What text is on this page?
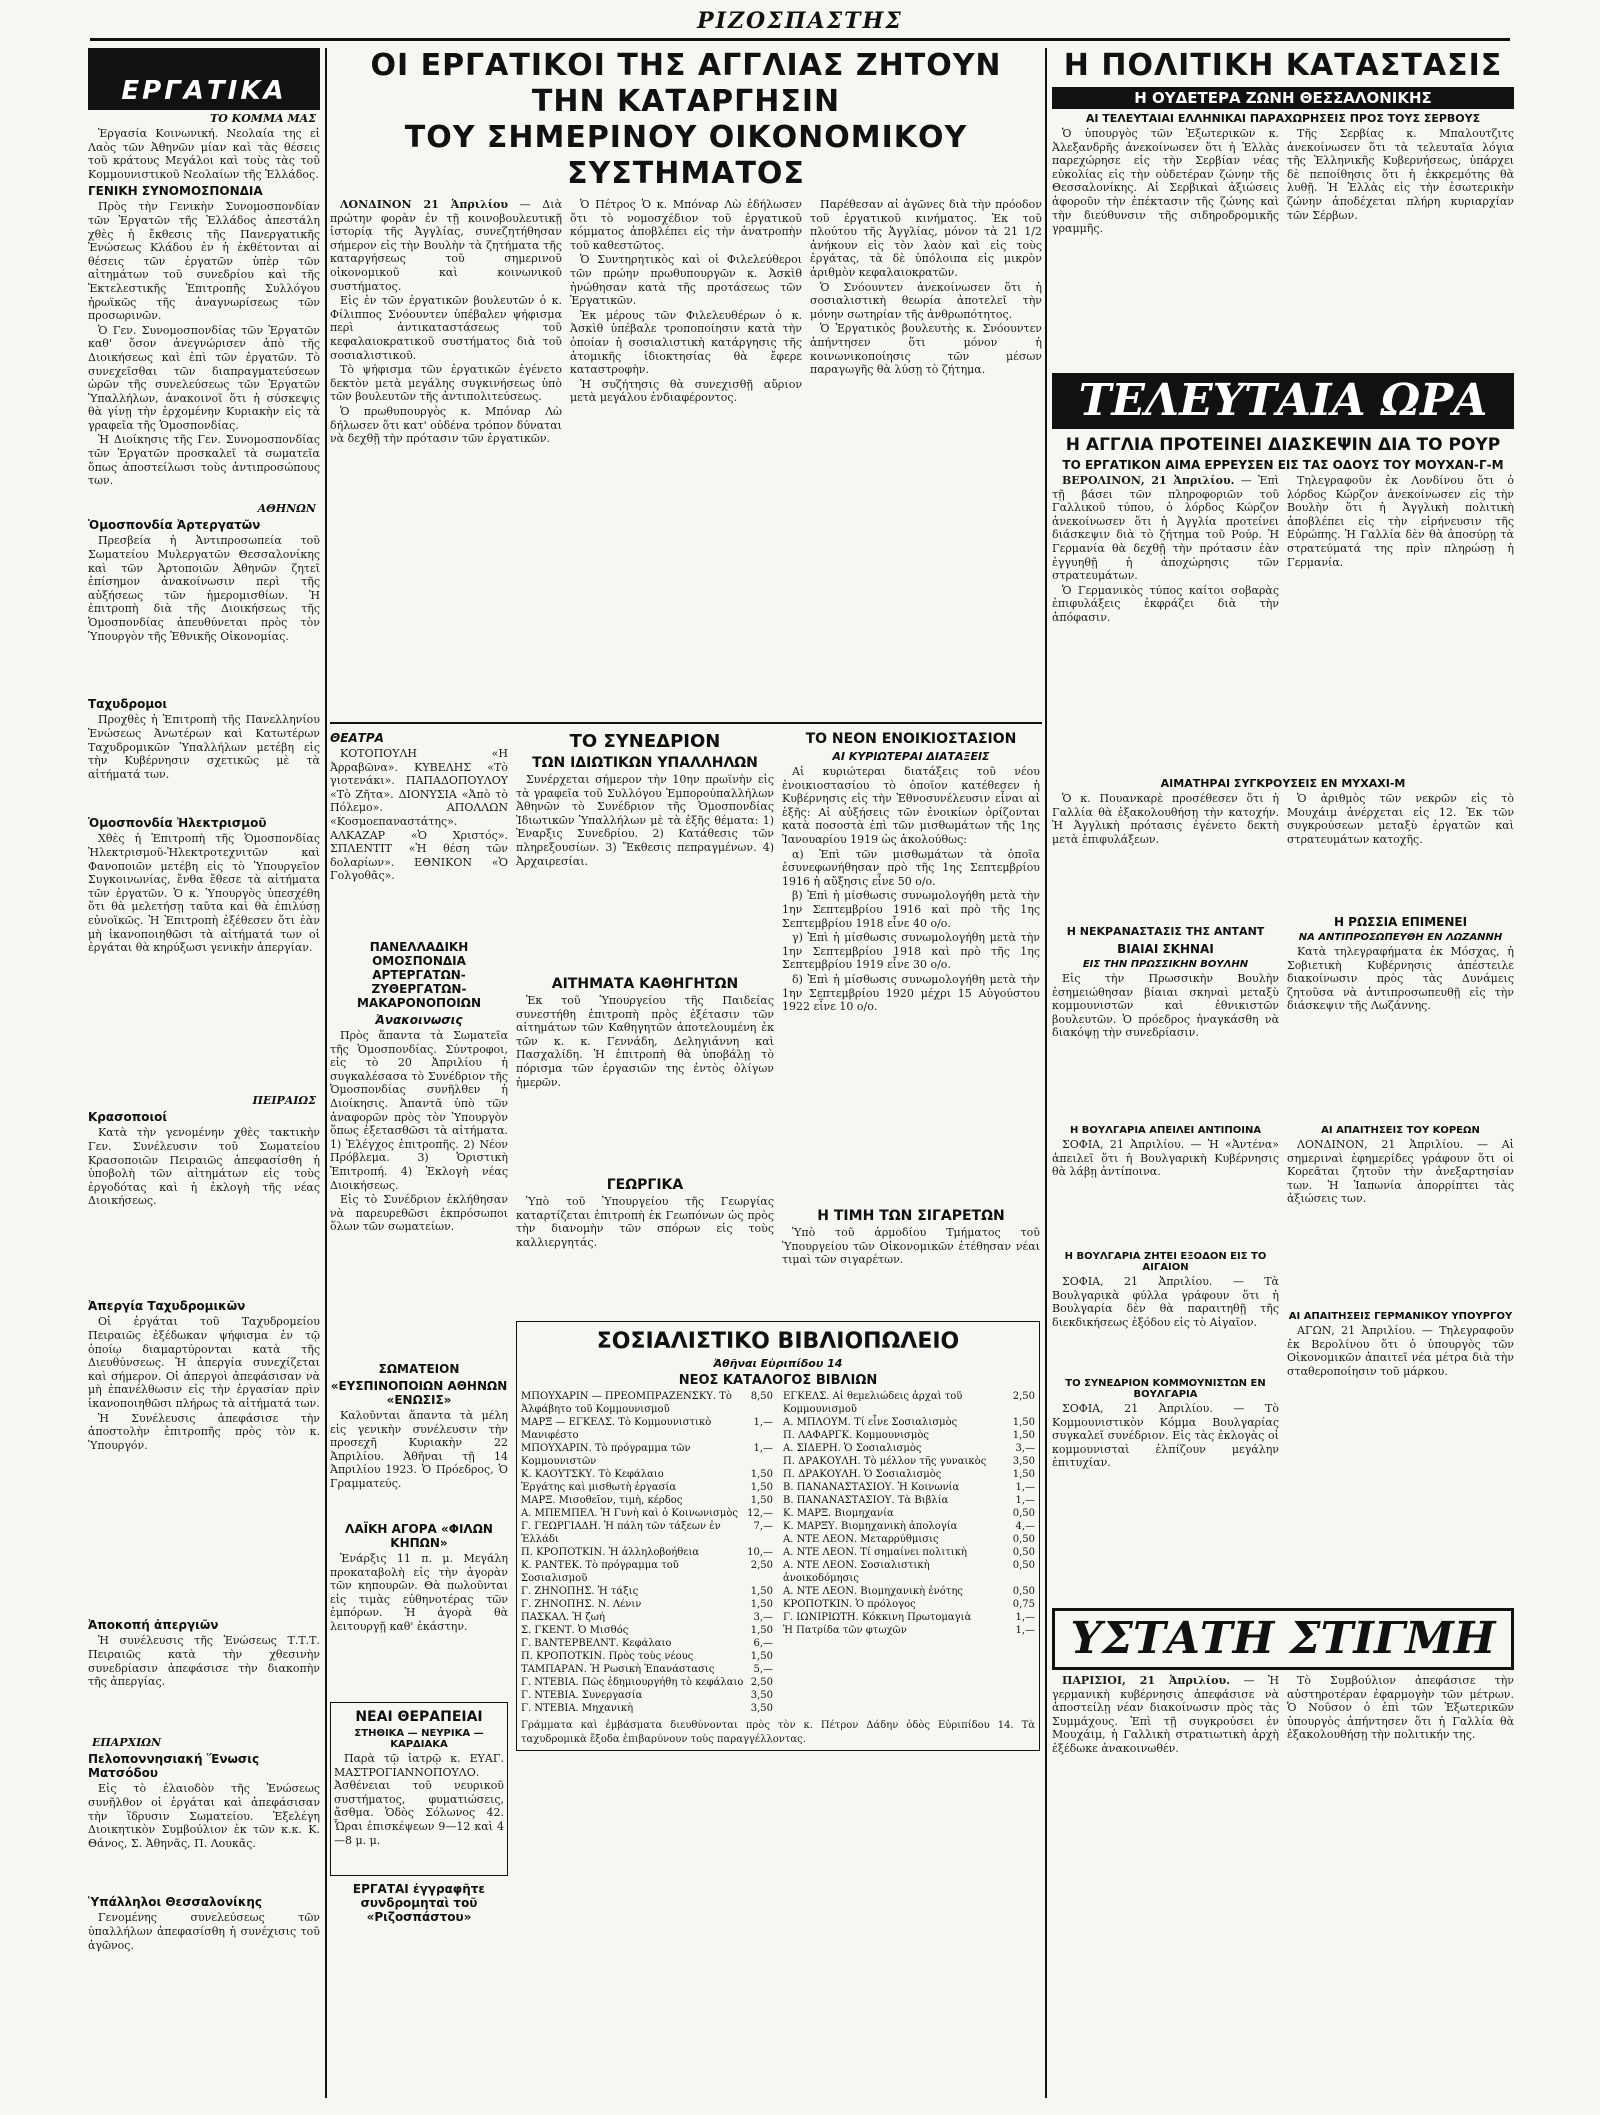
ΡΙΖΟΣΠΑΣΤΗΣ
ΕΡΓΑΤΙΚΑ
ΤΟ ΚΟΜΜΑ ΜΑΣ

Ἐργασία Κοινωνική. Νεολαία της εἰ Λαὸς τῶν Ἀθηνῶν μίαν καὶ τὰς θέσεις τοῦ κράτους Μεγάλοι καὶ τοὺς τὰς τοῦ Κομμουνιστικοῦ Νεολαίων τῆς Ἑλλάδος.

ΓΕΝΙΚΗ ΣΥΝΟΜΟΣΠΟΝΔΙΑ

Πρὸς τὴν Γενικὴν Συνομοσπονδίαν τῶν Ἐργατῶν τῆς Ἑλλάδος ἀπεστάλη χθὲς ἡ ἔκθεσις τῆς Πανεργατικῆς Ἐνώσεως Κλάδου ἐν ἡ ἐκθέτονται αἱ θέσεις τῶν ἐργατῶν ὑπὲρ τῶν αἰτημάτων τοῦ συνεδρίου καὶ τῆς Ἐκτελεστικῆς Ἐπιτροπῆς Συλλόγου ἠρωϊκῶς τῆς ἀναγνωρίσεως τῶν προσωρινῶν.

Ὁ Γεν. Συνομοσπονδίας τῶν Ἐργατῶν καθ' ὅσον ἀνεγνώρισεν ἀπὸ τῆς Διοικήσεως καὶ ἐπὶ τῶν ἐργατῶν. Τὸ συνεχεῖσθαι τῶν διαπραγματεύσεων ὡρῶν τῆς συνελεύσεως τῶν Ἐργατῶν Ὑπαλλήλων, ἀνακοινοῖ ὅτι ἡ σύσκεψις θὰ γίνῃ τὴν ἐρχομένην Κυριακὴν εἰς τὰ γραφεῖα τῆς Ὁμοσπονδίας.

Ἡ Διοίκησις τῆς Γεν. Συνομοσπονδίας τῶν Ἐργατῶν προσκαλεῖ τὰ σωματεῖα ὅπως ἀποστείλωσι τοὺς ἀντιπροσώπους των.

ΑΘΗΝΩΝ
Ὁμοσπονδία Ἀρτεργατῶν

Πρεσβεία ἡ Ἀντιπροσωπεία τοῦ Σωματείου Μυλεργατῶν Θεσσαλονίκης καὶ τῶν Ἀρτοποιῶν Ἀθηνῶν ζητεῖ ἐπίσημον ἀνακοίνωσιν περὶ τῆς αὐξήσεως τῶν ἡμερομισθίων. Ἡ ἐπιτροπὴ διὰ τῆς Διοικήσεως τῆς Ὁμοσπονδίας ἀπευθύνεται πρὸς τὸν Ὑπουργὸν τῆς Ἐθνικῆς Οἰκονομίας.

Ταχυδρομοι

Προχθὲς ἡ Ἐπιτροπὴ τῆς Πανελληνίου Ἑνώσεως Ἀνωτέρων καὶ Κατωτέρων Ταχυδρομικῶν Ὑπαλλήλων μετέβη εἰς τὴν Κυβέρνησιν σχετικῶς μὲ τὰ αἰτήματά των.

Ὁμοσπονδία Ἠλεκτρισμοῦ

Χθὲς ἡ Ἐπιτροπὴ τῆς Ὁμοσπονδίας Ἠλεκτρισμοῦ-Ἠλεκτροτεχνιτῶν καὶ Φανοποιῶν μετέβη εἰς τὸ Ὑπουργεῖον Συγκοινωνίας, ἔνθα ἔθεσε τὰ αἰτήματα τῶν ἐργατῶν. Ὁ κ. Ὑπουργὸς ὑπεσχέθη ὅτι θὰ μελετήσῃ ταῦτα καὶ θὰ ἐπιλύσῃ εὐνοϊκῶς. Ἡ Ἐπιτροπὴ ἐξέθεσεν ὅτι ἐὰν μὴ ἱκανοποιηθῶσι τὰ αἰτήματά των οἱ ἐργάται θὰ κηρύξωσι γενικὴν ἀπεργίαν.

ΠΕΙΡΑΙΩΣ
Κρασοποιοί

Κατὰ τὴν γενομένην χθὲς τακτικὴν Γεν. Συνέλευσιν τοῦ Σωματείου Κρασοποιῶν Πειραιῶς ἀπεφασίσθη ἡ ὑποβολὴ τῶν αἰτημάτων εἰς τοὺς ἐργοδότας καὶ ἡ ἐκλογὴ τῆς νέας Διοικήσεως.

Ἀπεργία Ταχυδρομικῶν

Οἱ ἐργάται τοῦ Ταχυδρομείου Πειραιῶς ἐξέδωκαν ψήφισμα ἐν τῷ ὁποίῳ διαμαρτύρονται κατὰ τῆς Διευθύνσεως. Ἡ ἀπεργία συνεχίζεται καὶ σήμερον. Οἱ ἀπεργοὶ ἀπεφάσισαν νὰ μὴ ἐπανέλθωσιν εἰς τὴν ἐργασίαν πρὶν ἱκανοποιηθῶσι πλήρως τὰ αἰτήματά των.

Ἡ Συνέλευσις ἀπεφάσισε τὴν ἀποστολὴν ἐπιτροπῆς πρὸς τὸν κ. Ὑπουργόν.

Ἀποκοπή ἀπεργιῶν

Ἡ συνέλευσις τῆς Ἑνώσεως Τ.Τ.Τ. Πειραιῶς κατὰ τὴν χθεσινὴν συνεδρίασιν ἀπεφάσισε τὴν διακοπὴν τῆς ἀπεργίας.

ΕΠΑΡΧΙΩΝ
Πελοποννησιακή Ἕνωσις Ματσόδου

Εἰς τὸ ἐλαιοδὸν τῆς Ἑνώσεως συνῆλθον οἱ ἐργάται καὶ ἀπεφάσισαν τὴν ἵδρυσιν Σωματείου. Ἐξελέγη Διοικητικὸν Συμβούλιον ἐκ τῶν κ.κ. Κ. Θάνος, Σ. Ἀθηνᾶς, Π. Λουκᾶς.

Ὑπάλληλοι Θεσσαλονίκης

Γενομένης συνελεύσεως τῶν ὑπαλλήλων ἀπεφασίσθη ἡ συνέχισις τοῦ ἀγῶνος.

ΟΙ ΕΡΓΑΤΙΚΟΙ ΤΗΣ ΑΓΓΛΙΑΣ ΖΗΤΟΥΝ ΤΗΝ ΚΑΤΑΡΓΗΣΙΝ
ΤΟΥ ΣΗΜΕΡΙΝΟΥ ΟΙΚΟΝΟΜΙΚΟΥ ΣΥΣΤΗΜΑΤΟΣ

ΛΟΝΔΙΝΟΝ 21 Ἀπριλίου — Διὰ πρώτην φορὰν ἐν τῇ κοινοβουλευτικῇ ἱστορίᾳ τῆς Ἀγγλίας, συνεζητήθησαν σήμερον εἰς τὴν Βουλὴν τὰ ζητήματα τῆς καταργήσεως τοῦ σημερινοῦ οἰκονομικοῦ καὶ κοινωνικοῦ συστήματος.

Εἰς ἐν τῶν ἐργατικῶν βουλευτῶν ὁ κ. Φίλιππος Σνόουντεν ὑπέβαλεν ψήφισμα περὶ ἀντικαταστάσεως τοῦ κεφαλαιοκρατικοῦ συστήματος διὰ τοῦ σοσιαλιστικοῦ.

Τὸ ψήφισμα τῶν ἐργατικῶν ἐγένετο δεκτὸν μετὰ μεγάλης συγκινήσεως ὑπὸ τῶν βουλευτῶν τῆς ἀντιπολιτεύσεως.

Ὁ πρωθυπουργὸς κ. Μπόναρ Λὼ δήλωσεν ὅτι κατ' οὐδένα τρόπον δύναται νὰ δεχθῇ τὴν πρότασιν τῶν ἐργατικῶν.

Ὁ Πέτρος Ὁ κ. Μπόναρ Λὼ ἐδήλωσεν ὅτι τὸ νομοσχέδιον τοῦ ἐργατικοῦ κόμματος ἀποβλέπει εἰς τὴν ἀνατροπὴν τοῦ καθεστῶτος.

Ὁ Συντηρητικὸς καὶ οἱ Φιλελεύθεροι τῶν πρώην πρωθυπουργῶν κ. Ἀσκὶθ ἠνώθησαν κατὰ τῆς προτάσεως τῶν Ἐργατικῶν.

Ἐκ μέρους τῶν Φιλελευθέρων ὁ κ. Ἀσκὶθ ὑπέβαλε τροποποίησιν κατὰ τὴν ὁποίαν ἡ σοσιαλιστικὴ κατάργησις τῆς ἀτομικῆς ἰδιοκτησίας θὰ ἔφερε καταστροφὴν.

Ἡ συζήτησις θὰ συνεχισθῇ αὔριον μετὰ μεγάλου ἐνδιαφέροντος.

Παρέθεσαν αἱ ἀγῶνες διὰ τὴν πρόοδον τοῦ ἐργατικοῦ κινήματος. Ἐκ τοῦ πλούτου τῆς Ἀγγλίας, μόνον τὰ 21 1/2 ἀνήκουν εἰς τὸν λαὸν καὶ εἰς τοὺς ἐργάτας, τὰ δὲ ὑπόλοιπα εἰς μικρὸν ἀριθμὸν κεφαλαιοκρατῶν.

Ὁ Σνόουντεν ἀνεκοίνωσεν ὅτι ἡ σοσιαλιστικὴ θεωρία ἀποτελεῖ τὴν μόνην σωτηρίαν τῆς ἀνθρωπότητος.

Ὁ Ἐργατικὸς βουλευτὴς κ. Σνόουντεν ἀπήντησεν ὅτι μόνον ἡ κοινωνικοποίησις τῶν μέσων παραγωγῆς θὰ λύσῃ τὸ ζήτημα.

ΘΕΑΤΡΑ

ΚΟΤΟΠΟΥΛΗ «Η Ἀρραβῶνα». ΚΥΒΕΛΗΣ «Τὸ γιοτενάκι». ΠΑΠΑΔΟΠΟΥΛΟΥ «Τὸ Ζῆτα». ΔΙΟΝΥΣΙΑ «Ἀπὸ τὸ Πόλεμο». ΑΠΟΛΛΩΝ «Κοσμοεπαναστάτης». ΑΛΚΑΖΑΡ «Ὁ Χριστός». ΣΠΛΕΝΤΙΤ «Ἡ θέση τῶν δολαρίων». ΕΘΝΙΚΟΝ «Ὁ Γολγοθᾶς».

ΠΑΝΕΛΛΑΔΙΚΗ ΟΜΟΣΠΟΝΔΙΑ ΑΡΤΕΡΓΑΤΩΝ-ΖΥΘΕΡΓΑΤΩΝ-ΜΑΚΑΡΟΝΟΠΟΙΩΝ
Ἀνακοινωσις

Πρὸς ἅπαντα τὰ Σωματεῖα τῆς Ὁμοσπονδίας. Σύντροφοι, εἰς τὸ 20 Ἀπριλίου ἡ συγκαλέσασα τὸ Συνέδριον τῆς Ὁμοσπονδίας συνῆλθεν ἡ Διοίκησις. Ἀπαντᾶ ὑπὸ τῶν ἀναφορῶν πρὸς τὸν Ὑπουργὸν ὅπως ἐξετασθῶσι τὰ αἰτήματα. 1) Ἐλέγχος ἐπιτροπῆς. 2) Νέον Πρόβλεμα. 3) Ὁριστικὴ Ἐπιτροπή. 4) Ἐκλογὴ νέας Διοικήσεως.

Εἰς τὸ Συνέδριον ἐκλήθησαν νὰ παρευρεθῶσι ἐκπρόσωποι ὅλων τῶν σωματείων.

ΣΩΜΑΤΕΙΟΝ
«ΕΥΣΠΙΝΟΠΟΙΩΝ ΑΘΗΝΩΝ «ΕΝΩΣΙΣ»

Καλοῦνται ἅπαντα τὰ μέλη εἰς γενικὴν συνέλευσιν τὴν προσεχῆ Κυριακὴν 22 Ἀπριλίου. Ἀθῆναι τῇ 14 Ἀπριλίου 1923. Ὁ Πρόεδρος, Ὁ Γραμματεύς.

ΛΑΪΚΗ ΑΓΟΡΑ «ΦΙΛΩΝ ΚΗΠΩΝ»

Ἐνάρξις 11 π. μ. Μεγάλη προκαταβολὴ εἰς τὴν ἀγορὰν τῶν κηπουρῶν. Θὰ πωλοῦνται εἰς τιμὰς εὐθηνοτέρας τῶν ἐμπόρων. Ἡ ἀγορὰ θὰ λειτουργῇ καθ' ἑκάστην.

ΝΕΑΙ ΘΕΡΑΠΕΙΑΙ
ΣΤΗΘΙΚΑ — ΝΕΥΡΙΚΑ — ΚΑΡΔΙΑΚΑ

Παρὰ τῷ ἰατρῷ κ. ΕΥΑΓ. ΜΑΣΤΡΟΓΙΑΝΝΟΠΟΥΛΟ. Ἀσθένειαι τοῦ νευρικοῦ συστήματος, φυματιώσεις, ἄσθμα. Ὁδὸς Σόλωνος 42. Ὧραι ἐπισκέψεων 9—12 καὶ 4—8 μ. μ.

ΕΡΓΑΤΑΙ ἐγγραφῆτε συνδρομηταὶ τοῦ «Ριζοσπάστου»
ΤΟ ΣΥΝΕΔΡΙΟΝ
ΤΩΝ ΙΔΙΩΤΙΚΩΝ ΥΠΑΛΛΗΛΩΝ

Συνέρχεται σήμερον τὴν 10ην πρωϊνὴν εἰς τὰ γραφεῖα τοῦ Συλλόγου Ἐμπορούπαλλήλων Ἀθηνῶν τὸ Συνέδριον τῆς Ὁμοσπονδίας Ἰδιωτικῶν Ὑπαλλήλων μὲ τὰ ἑξῆς θέματα: 1) Ἐναρξις Συνεδρίου. 2) Κατάθεσις τῶν πληρεξουσίων. 3) Ἔκθεσις πεπραγμένων. 4) Ἀρχαιρεσίαι.

ΑΙΤΗΜΑΤΑ ΚΑΘΗΓΗΤΩΝ

Ἐκ τοῦ Ὑπουργείου τῆς Παιδείας συνεστήθη ἐπιτροπὴ πρὸς ἐξέτασιν τῶν αἰτημάτων τῶν Καθηγητῶν ἀποτελουμένη ἐκ τῶν κ. κ. Γεννάδη, Δεληγιάννη καὶ Πασχαλίδη. Ἡ ἐπιτροπὴ θὰ ὑποβάλῃ τὸ πόρισμα τῶν ἐργασιῶν της ἐντὸς ὀλίγων ἡμερῶν.

ΓΕΩΡΓΙΚΑ

Ὑπὸ τοῦ Ὑπουργείου τῆς Γεωργίας καταρτίζεται ἐπιτροπὴ ἐκ Γεωπόνων ὡς πρὸς τὴν διανομὴν τῶν σπόρων εἰς τοὺς καλλιεργητάς.

ΤΟ ΝΕΟΝ ΕΝΟΙΚΙΟΣΤΑΣΙΟΝ
ΑΙ ΚΥΡΙΩΤΕΡΑΙ ΔΙΑΤΑΞΕΙΣ

Αἱ κυριώτεραι διατάξεις τοῦ νέου ἐνοικιοστασίου τὸ ὁποῖον κατέθεσεν ἡ Κυβέρνησις εἰς τὴν Ἐθνοσυνέλευσιν εἶναι αἱ ἑξῆς: Αἱ αὐξήσεις τῶν ἐνοικίων ὁρίζονται κατὰ ποσοστὰ ἐπὶ τῶν μισθωμάτων τῆς 1ης Ἰανουαρίου 1919 ὡς ἀκολούθως:

α) Ἐπὶ τῶν μισθωμάτων τὰ ὁποῖα ἐσυνεφωνήθησαν πρὸ τῆς 1ης Σεπτεμβρίου 1916 ἡ αὔξησις εἶνε 50 ο/ο.

β) Ἐπὶ ἡ μίσθωσις συνωμολογήθη μετὰ τὴν 1ην Σεπτεμβρίου 1916 καὶ πρὸ τῆς 1ης Σεπτεμβρίου 1918 εἶνε 40 ο/ο.

γ) Ἐπὶ ἡ μίσθωσις συνωμολογήθη μετὰ τὴν 1ην Σεπτεμβρίου 1918 καὶ πρὸ τῆς 1ης Σεπτεμβρίου 1919 εἶνε 30 ο/ο.

δ) Ἐπὶ ἡ μίσθωσις συνωμολογήθη μετὰ τὴν 1ην Σεπτεμβρίου 1920 μέχρι 15 Αὐγούστου 1922 εἶνε 10 ο/ο.

Η ΤΙΜΗ ΤΩΝ ΣΙΓΑΡΕΤΩΝ

Ὑπὸ τοῦ ἁρμοδίου Τμήματος τοῦ Ὑπουργείου τῶν Οἰκονομικῶν ἐτέθησαν νέαι τιμαὶ τῶν σιγαρέτων.

ΣΟΣΙΑΛΙΣΤΙΚΟ ΒΙΒΛΙΟΠΩΛΕΙΟ
Ἀθῆναι Εὐριπίδου 14
ΝΕΟΣ ΚΑΤΑΛΟΓΟΣ ΒΙΒΛΙΩΝ
ΜΠΟΥΧΑΡΙΝ — ΠΡΕΟΜΠΡΑΖΕΝΣΚΥ. Τὸ Ἀλφάβητο τοῦ Κομμουνισμοῦ
8,50
ΜΑΡΞ — ΕΓΚΕΛΣ. Τὸ Κομμουνιστικὸ Μανιφέστο
1,—
ΜΠΟΥΧΑΡΙΝ. Τὸ πρόγραμμα τῶν Κομμουνιστῶν
1,—
Κ. ΚΑΟΥΤΣΚΥ. Τὸ Κεφάλαιο	1,50
Ἐργάτης καὶ μισθωτὴ ἐργασία	1,50
ΜΑΡΞ. Μισοθεῖον, τιμὴ, κέρδος	1,50
Α. ΜΠΕΜΠΕΛ. Ἡ Γυνὴ καὶ ὁ Κοινωνισμὸς 12,—
Γ. ΓΕΩΡΓΙΑΔΗ. Ἡ πάλη τῶν τάξεων ἐν Ἑλλάδι
7,—
Π. ΚΡΟΠΟΤΚΙΝ. Ἡ ἀλληλοβοήθεια	10,—
Κ. ΡΑΝΤΕΚ. Τὸ πρόγραμμα τοῦ Σοσιαλισμοῦ
2,50
Γ. ΖΗΝΟΠΗΣ. Ἡ τάξις	1,50
Γ. ΖΗΝΟΠΗΣ. Ν. Λένιν	1,50
ΠΑΣΚΑΛ. Ἡ ζωή	3,—
Σ. ΓΚΕΝΤ. Ὁ Μισθός	1,50
Γ. ΒΑΝΤΕΡΒΕΛΝΤ. Κεφάλαιο	6,—
Π. ΚΡΟΠΟΤΚΙΝ. Πρὸς τοὺς νέους	1,50
ΤΑΜΠΑΡΑΝ. Ἡ Ρωσικὴ Ἐπανάστασις	5,—
Γ. ΝΤΕΒΙΑ. Πῶς ἐδημιουργήθη τὸ κεφάλαιο 2,50
Γ. ΝΤΕΒΙΑ. Συνεργασία	3,50
Γ. ΝΤΕΒΙΑ. Μηχανικὴ	3,50
ΕΓΚΕΛΣ. Αἱ θεμελιώδεις ἀρχαὶ τοῦ Κομμουνισμοῦ
2,50
Α. ΜΠΛΟΥΜ. Τί εἶνε Σοσιαλισμὸς	1,50
Π. ΛΑΦΑΡΓΚ. Κομμουνισμὸς	1,50
Α. ΣΙΔΕΡΗ. Ὁ Σοσιαλισμὸς	3,—
Π. ΔΡΑΚΟΥΛΗ. Τὸ μέλλον τῆς γυναικὸς	3,50
Π. ΔΡΑΚΟΥΛΗ. Ὁ Σοσιαλισμὸς	1,50
Β. ΠΑΝΑΝΑΣΤΑΣΙΟΥ. Ἡ Κοινωνία	1,—
Β. ΠΑΝΑΝΑΣΤΑΣΙΟΥ. Τὰ Βιβλία	1,—
Κ. ΜΑΡΞ. Βιομηχανία	0,50
Κ. ΜΑΡΞΥ. Βιομηχανικὴ ἀπολογία	4,—
Α. ΝΤΕ ΛΕΟΝ. Μεταρρύθμισις	0,50
Α. ΝΤΕ ΛΕΟΝ. Τί σημαίνει πολιτικὴ	0,50
Α. ΝΤΕ ΛΕΟΝ. Σοσιαλιστικὴ ἀνοικοδόμησις
0,50
Α. ΝΤΕ ΛΕΟΝ. Βιομηχανικὴ ἐνότης	0,50
ΚΡΟΠΟΤΚΙΝ. Ὁ πρόλογος	0,75
Γ. ΙΩΝΙΡΙΩΤΗ. Κόκκινη Πρωτομαγιὰ	1,—
Ἡ Πατρίδα τῶν φτωχῶν	1,—
Γράμματα καὶ ἐμβάσματα διευθύνονται πρὸς τὸν κ. Πέτρον Δάδην ὁδὸς Εὐριπίδου 14. Τὰ ταχυδρομικὰ ἔξοδα ἐπιβαρύνουν τοὺς παραγγέλλοντας.
Η ΠΟΛΙΤΙΚΗ ΚΑΤΑΣΤΑΣΙΣ
Η ΟΥΔΕΤΕΡΑ ΖΩΝΗ ΘΕΣΣΑΛΟΝΙΚΗΣ
ΑΙ ΤΕΛΕΥΤΑΙΑΙ ΕΛΛΗΝΙΚΑΙ ΠΑΡΑΧΩΡΗΣΕΙΣ ΠΡΟΣ ΤΟΥΣ ΣΕΡΒΟΥΣ

Ὁ ὑπουργὸς τῶν Ἐξωτερικῶν κ. Ἀλεξανδρῆς ἀνεκοίνωσεν ὅτι ἡ Ἑλλὰς παρεχώρησε εἰς τὴν Σερβίαν νέας εὐκολίας εἰς τὴν οὐδετέραν ζώνην τῆς Θεσσαλονίκης. Αἱ Σερβικαὶ ἀξιώσεις ἀφοροῦν τὴν ἐπέκτασιν τῆς ζώνης καὶ τὴν διεύθυνσιν τῆς σιδηροδρομικῆς γραμμῆς.

Τῆς Σερβίας κ. Μπαλουτζιτς ἀνεκοίνωσεν ὅτι τὰ τελευταῖα λόγια τῆς Ἑλληνικῆς Κυβερνήσεως, ὑπάρχει δὲ πεποίθησις ὅτι ἡ ἐκκρεμότης θὰ λυθῇ. Ἡ Ἑλλὰς εἰς τὴν ἐσωτερικὴν ζώνην ἀποδέχεται πλήρη κυριαρχίαν τῶν Σέρβων.

ΤΕΛΕΥΤΑΙΑ ΩΡΑ
Η ΑΓΓΛΙΑ ΠΡΟΤΕΙΝΕΙ ΔΙΑΣΚΕΨΙΝ ΔΙΑ ΤΟ ΡΟΥΡ
ΤΟ ΕΡΓΑΤΙΚΟΝ ΑΙΜΑ ΕΡΡΕΥΣΕΝ ΕΙΣ ΤΑΣ ΟΔΟΥΣ ΤΟΥ ΜΟΥΧΑΝ-Γ-Μ

ΒΕΡΟΛΙΝΟΝ, 21 Ἀπριλίου. — Ἐπὶ τῇ βάσει τῶν πληροφοριῶν τοῦ Γαλλικοῦ τύπου, ὁ λόρδος Κώρζον ἀνεκοίνωσεν ὅτι ἡ Ἀγγλία προτείνει διάσκεψιν διὰ τὸ ζήτημα τοῦ Ρούρ. Ἡ Γερμανία θὰ δεχθῇ τὴν πρότασιν ἐὰν ἐγγυηθῇ ἡ ἀποχώρησις τῶν στρατευμάτων.

Ὁ Γερμανικὸς τύπος καίτοι σοβαρὰς ἐπιφυλάξεις ἐκφράζει διὰ τὴν ἀπόφασιν.

Τηλεγραφοῦν ἐκ Λονδίνου ὅτι ὁ λόρδος Κώρζον ἀνεκοίνωσεν εἰς τὴν Βουλὴν ὅτι ἡ Ἀγγλικὴ πολιτικὴ ἀποβλέπει εἰς τὴν εἰρήνευσιν τῆς Εὐρώπης. Ἡ Γαλλία δὲν θὰ ἀποσύρῃ τὰ στρατεύματά της πρὶν πληρώσῃ ἡ Γερμανία.

ΑΙΜΑΤΗΡΑΙ ΣΥΓΚΡΟΥΣΕΙΣ ΕΝ ΜΥΧΑΧΙ-Μ

Ὁ κ. Πουανκαρὲ προσέθεσεν ὅτι ἡ Γαλλία θὰ ἐξακολουθήσῃ τὴν κατοχήν. Ἡ Ἀγγλικὴ πρότασις ἐγένετο δεκτὴ μετὰ ἐπιφυλάξεων.

Η ΝΕΚΡΑΝΑΣΤΑΣΙΣ ΤΗΣ ΑΝΤΑΝΤ
ΒΙΑΙΑΙ ΣΚΗΝΑΙ
ΕΙΣ ΤΗΝ ΠΡΩΣΣΙΚΗΝ ΒΟΥΛΗΝ

Εἰς τὴν Πρωσσικὴν Βουλὴν ἐσημειώθησαν βίαιαι σκηναὶ μεταξὺ κομμουνιστῶν καὶ ἐθνικιστῶν βουλευτῶν. Ὁ πρόεδρος ἠναγκάσθη νὰ διακόψῃ τὴν συνεδρίασιν.

Ὁ ἀριθμὸς τῶν νεκρῶν εἰς τὸ Μουχάιμ ἀνέρχεται εἰς 12. Ἐκ τῶν συγκρούσεων μεταξὺ ἐργατῶν καὶ στρατευμάτων κατοχῆς.

Η ΡΩΣΣΙΑ ΕΠΙΜΕΝΕΙ
ΝΑ ΑΝΤΙΠΡΟΣΩΠΕΥΘΗ ΕΝ ΛΩΖΑΝΝΗ

Κατὰ τηλεγραφήματα ἐκ Μόσχας, ἡ Σοβιετικὴ Κυβέρνησις ἀπέστειλε διακοίνωσιν πρὸς τὰς Δυνάμεις ζητοῦσα νὰ ἀντιπροσωπευθῇ εἰς τὴν διάσκεψιν τῆς Λωζάννης.

Η ΒΟΥΛΓΑΡΙΑ ΑΠΕΙΛΕΙ ΑΝΤΙΠΟΙΝΑ

ΣΟΦΙΑ, 21 Ἀπριλίου. — Ἡ «Ἀντένα» ἀπειλεῖ ὅτι ἡ Βουλγαρικὴ Κυβέρνησις θὰ λάβῃ ἀντίποινα.

Η ΒΟΥΛΓΑΡΙΑ ΖΗΤΕΙ ΕΞΟΔΟΝ ΕΙΣ ΤΟ ΑΙΓΑΙΟΝ

ΣΟΦΙΑ, 21 Ἀπριλίου. — Τὰ Βουλγαρικὰ φύλλα γράφουν ὅτι ἡ Βουλγαρία δὲν θὰ παραιτηθῇ τῆς διεκδικήσεως ἐξόδου εἰς τὸ Αἰγαῖον.

ΤΟ ΣΥΝΕΔΡΙΟΝ ΚΟΜΜΟΥΝΙΣΤΩΝ ΕΝ ΒΟΥΛΓΑΡΙΑ

ΣΟΦΙΑ, 21 Ἀπριλίου. — Τὸ Κομμουνιστικὸν Κόμμα Βουλγαρίας συγκαλεῖ συνέδριον. Εἰς τὰς ἐκλογὰς οἱ κομμουνισταὶ ἐλπίζουν μεγάλην ἐπιτυχίαν.

ΑΙ ΑΠΑΙΤΗΣΕΙΣ ΤΟΥ ΚΟΡΕΩΝ

ΛΟΝΔΙΝΟΝ, 21 Ἀπριλίου. — Αἱ σημεριναὶ ἐφημερίδες γράφουν ὅτι οἱ Κορεᾶται ζητοῦν τὴν ἀνεξαρτησίαν των. Ἡ Ἰαπωνία ἀπορρίπτει τὰς ἀξιώσεις των.

ΑΙ ΑΠΑΙΤΗΣΕΙΣ ΓΕΡΜΑΝΙΚΟΥ ΥΠΟΥΡΓΟΥ

ΑΓΩΝ, 21 Ἀπριλίου. — Τηλεγραφοῦν ἐκ Βερολίνου ὅτι ὁ ὑπουργὸς τῶν Οἰκονομικῶν ἀπαιτεῖ νέα μέτρα διὰ τὴν σταθεροποίησιν τοῦ μάρκου.

ΥΣΤΑΤΗ ΣΤΙΓΜΗ

ΠΑΡΙΣΙΟΙ, 21 Ἀπριλίου. — Ἡ γερμανικὴ κυβέρνησις ἀπεφάσισε νὰ ἀποστείλῃ νέαν διακοίνωσιν πρὸς τὰς Συμμάχους. Ἐπὶ τῇ συγκρούσει ἐν Μουχάιμ, ἡ Γαλλικὴ στρατιωτικὴ ἀρχὴ ἐξέδωκε ἀνακοινωθέν.

Τὸ Συμβούλιον ἀπεφάσισε τὴν αὐστηροτέραν ἐφαρμογὴν τῶν μέτρων. Ὁ Νοῦσον ὁ ἐπὶ τῶν Ἐξωτερικῶν ὑπουργὸς ἀπήντησεν ὅτι ἡ Γαλλία θὰ ἐξακολουθήσῃ τὴν πολιτικήν της.
